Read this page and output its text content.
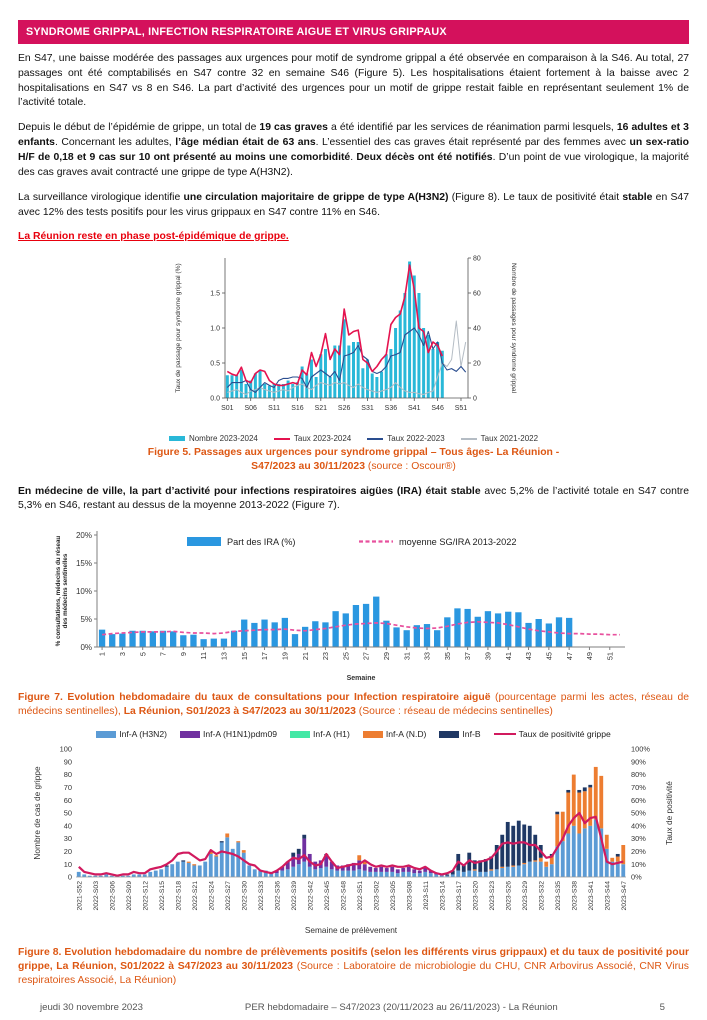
SYNDROME GRIPPAL, INFECTION RESPIRATOIRE AIGUE ET VIRUS GRIPPAUX

En S47, une baisse modérée des passages aux urgences pour motif de syndrome grippal a été observée en comparaison à la S46. Au total, 27 passages ont été comptabilisés en S47 contre 32 en semaine S46 (Figure 5). Les hospitalisations étaient fortement à la baisse avec 2 hospitalisations en S47 vs 8 en S46. La part d’activité des urgences pour un motif de grippe restait faible en représentant seulement 1% de l’activité totale.

Depuis le début de l’épidémie de grippe, un total de 19 cas graves a été identifié par les services de réanimation parmi lesquels, 16 adultes et 3 enfants. Concernant les adultes, l’âge médian était de 63 ans. L’essentiel des cas graves était représenté par des femmes avec un sex-ratio H/F de 0,18 et 9 cas sur 10 ont présenté au moins une comorbidité. Deux décès ont été notifiés. D’un point de vue virologique, la majorité des cas graves avait contracté une grippe de type A(H3N2).

La surveillance virologique identifie une circulation majoritaire de grippe de type A(H3N2) (Figure 8). Le taux de positivité était stable en S47 avec 12% des tests positifs pour les virus grippaux en S47 contre 11% en S46.

La Réunion reste en phase post-épidémique de grippe.

0.0
0.5
1.0
1.5
0
20
40
60
80
S01 S06 S11 S16 S21 S26 S31 S36 S41 S46 S51
Taux de passage pour syndrome grippal (%)	Nombre de passages pour syndrome grippal
Nombre 2023-2024	Taux 2023-2024	Taux 2022-2023	Taux 2021-2022

Figure 5. Passages aux urgences pour syndrome grippal – Tous âges- La Réunion - S47/2023 au 30/11/2023 (source : Oscour®)

En médecine de ville, la part d’activité pour infections respiratoires aigües (IRA) était stable avec 5,2% de l’activité totale en S47 contre 5,3% en S46, restant au dessus de la moyenne 2013-2022 (Figure 7).

0%
5%
10%
15%
20%
1 3 5 7 9 11 13 15 17 19 21 23 25 27 29 31 33 35 37 39 41 43 45 47 49 51
Semaine
% consultations, médecins du réseaudes médecins sentinelles
Part des IRA (%)	moyenne SG/IRA 2013-2022

Figure 7. Evolution hebdomadaire du taux de consultations pour Infection respiratoire aiguë (pourcentage parmi les actes, réseau de médecins sentinelles), La Réunion, S01/2023 à S47/2023 au 30/11/2023 (Source : réseau de médecins sentinelles)

Inf-A (H3N2)	Inf-A (H1N1)pdm09	Inf-A (H1)	Inf-A (N.D)	Inf-B	Taux de positivité grippe
0	0%
10	10%
20	20%
30	30%
40	40%
50	50%
60	60%
70	70%
80	80%
90	90%
100	100%
2021-S52 2022-S03 2022-S06 2022-S09 2022-S12 2022-S15 2022-S18 2022-S21 2022-S24 2022-S27 2022-S30 2022-S33 2022-S36 2022-S39 2022-S42 2022-S45 2022-S48 2022-S51 2023-S02 2023-S05 2023-S08 2023-S11 2023-S14 2023-S17 2023-S20 2023-S23 2023-S26 2023-S29 2023-S32 2023-S35 2023-S38 2023-S41 2023-S44 2023-S47
Semaine de prélèvement
Nombre de cas de grippe	Taux de positivité

Figure 8. Evolution hebdomadaire du nombre de prélèvements positifs (selon les différents virus grippaux) et du taux de positivité pour grippe, La Réunion, S01/2022 à S47/2023 au 30/11/2023 (Source : Laboratoire de microbiologie du CHU, CNR Arbovirus Associé, CNR Virus respiratoires Associé, La Réunion)

jeudi 30 novembre 2023	PER hebdomadaire – S47/2023 (20/11/2023 au 26/11/2023) - La Réunion	5
